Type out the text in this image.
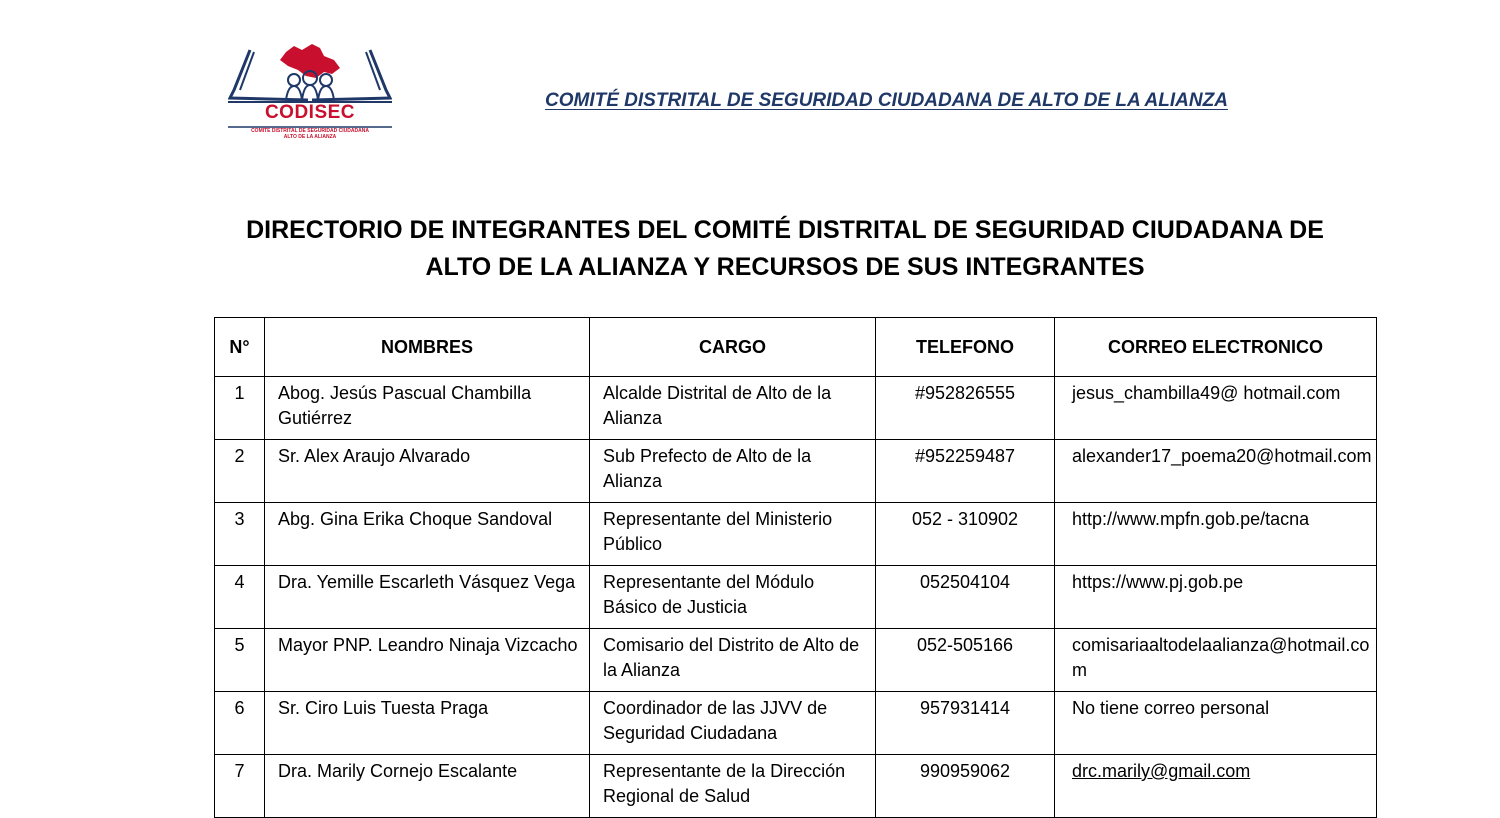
CODISEC
COMITÉ DISTRITAL DE SEGURIDAD CIUDADANA
ALTO DE LA ALIANZA
COMITÉ DISTRITAL DE SEGURIDAD CIUDADANA DE ALTO DE LA ALIANZA
DIRECTORIO DE INTEGRANTES DEL COMITÉ DISTRITAL DE SEGURIDAD CIUDADANA DE
ALTO DE LA ALIANZA Y RECURSOS DE SUS INTEGRANTES
N°	NOMBRES	CARGO	TELEFONO	CORREO ELECTRONICO
1	Abog. Jesús Pascual Chambilla Gutiérrez	Alcalde Distrital de Alto de la Alianza	#952826555	jesus_chambilla49@ hotmail.com
2	Sr. Alex Araujo Alvarado	Sub Prefecto de Alto de la Alianza	#952259487	alexander17_poema20@hotmail.com
3	Abg. Gina Erika Choque Sandoval	Representante del Ministerio Público	052 - 310902	http://www.mpfn.gob.pe/tacna
4	Dra. Yemille Escarleth Vásquez Vega	Representante del Módulo Básico de Justicia	052504104	https://www.pj.gob.pe
5	Mayor PNP. Leandro Ninaja Vizcacho	Comisario del Distrito de Alto de la Alianza	052-505166	comisariaaltodelaalianza@hotmail.com
6	Sr. Ciro Luis Tuesta Praga	Coordinador de las JJVV de Seguridad Ciudadana	957931414	No tiene correo personal
7	Dra. Marily Cornejo Escalante	Representante de la Dirección Regional de Salud	990959062	drc.marily@gmail.com
